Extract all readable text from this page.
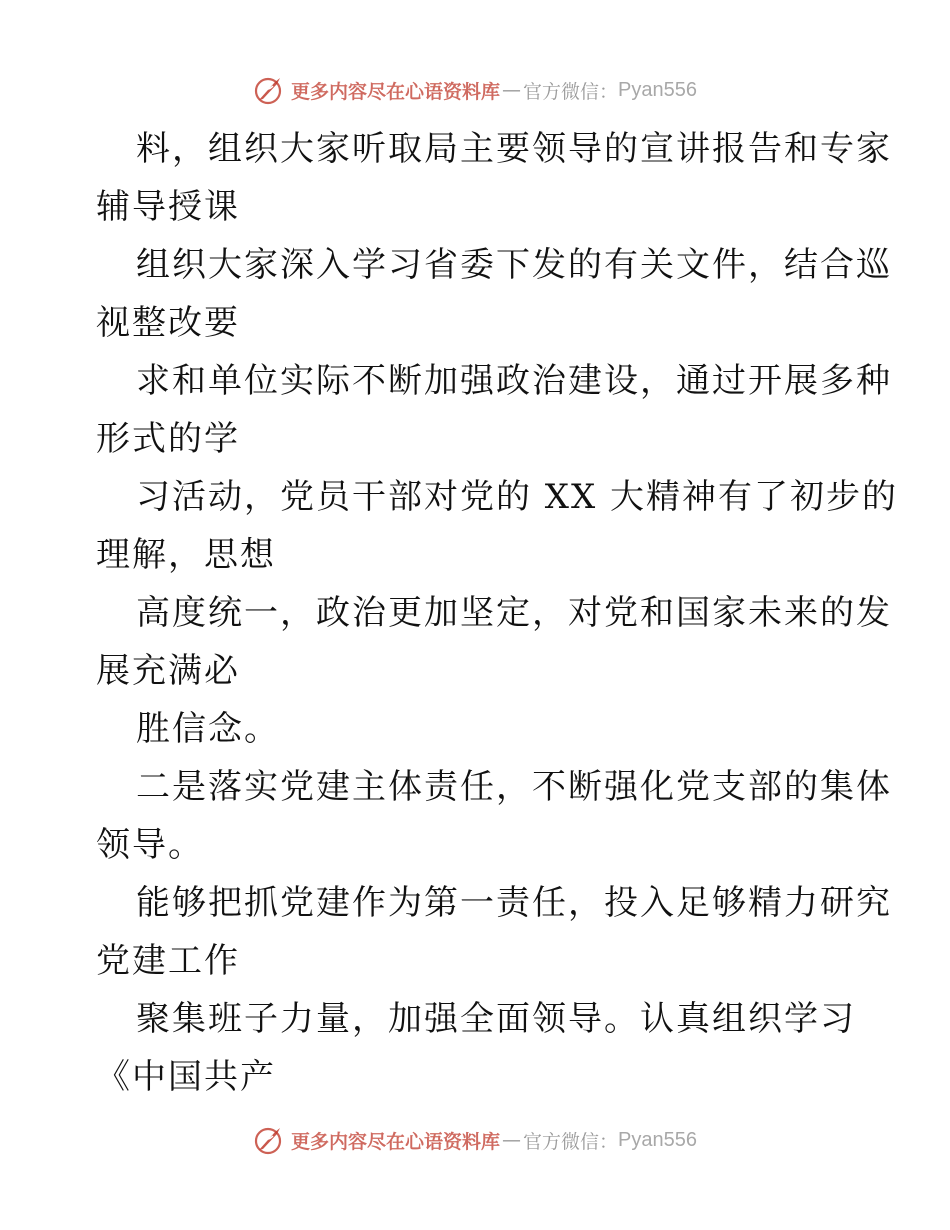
更多内容尽在心语资料库 — 官方微信： Pyan556

料，组织大家听取局主要领导的宣讲报告和专家
辅导授课

组织大家深入学习省委下发的有关文件，结合巡
视整改要

求和单位实际不断加强政治建设，通过开展多种
形式的学

习活动，党员干部对党的 XX 大精神有了初步的
理解，思想

高度统一，政治更加坚定，对党和国家未来的发
展充满必

胜信念。

二是落实党建主体责任，不断强化党支部的集体
领导。

能够把抓党建作为第一责任，投入足够精力研究
党建工作

聚集班子力量，加强全面领导。认真组织学习
《中国共产

更多内容尽在心语资料库 — 官方微信： Pyan556
